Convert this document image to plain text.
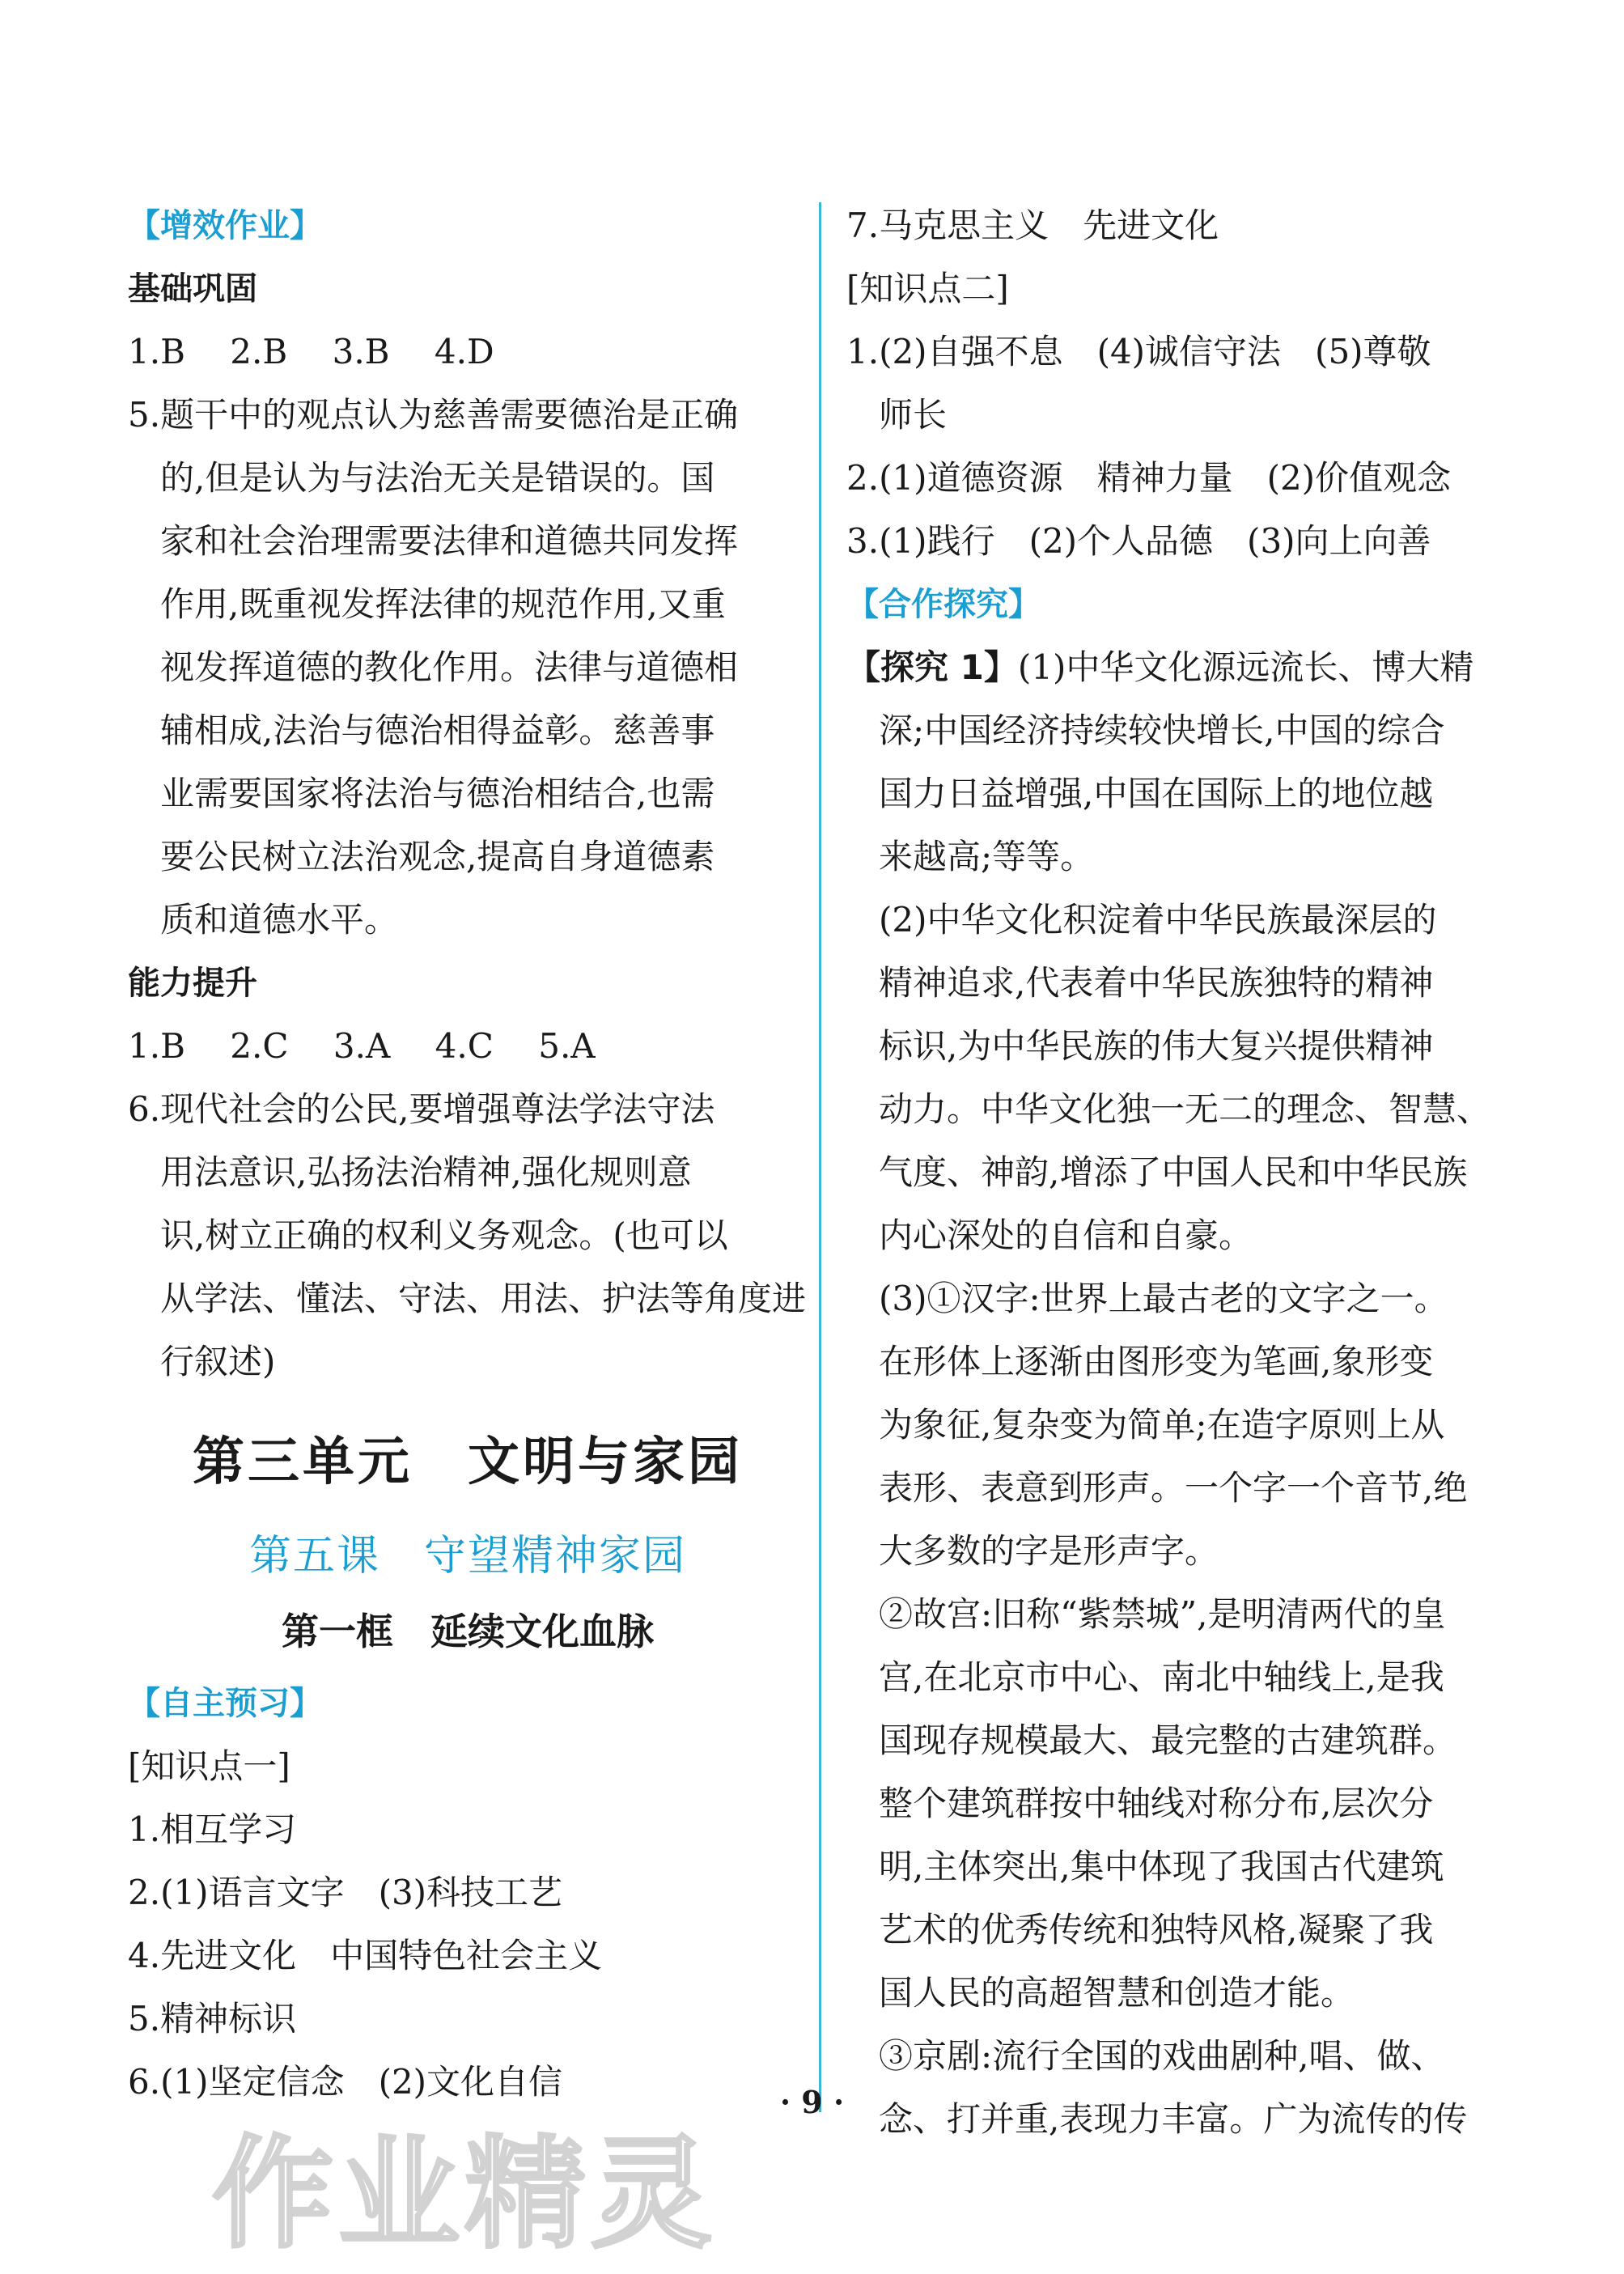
【增效作业】
基础巩固
1.B　 2.B　 3.B　 4.D
5.题干中的观点认为慈善需要德治是正确
的,但是认为与法治无关是错误的。国
家和社会治理需要法律和道德共同发挥
作用,既重视发挥法律的规范作用,又重
视发挥道德的教化作用。法律与道德相
辅相成,法治与德治相得益彰。慈善事
业需要国家将法治与德治相结合,也需
要公民树立法治观念,提高自身道德素
质和道德水平。
能力提升
1.B　 2.C　 3.A　 4.C　 5.A
6.现代社会的公民,要增强尊法学法守法
用法意识,弘扬法治精神,强化规则意
识,树立正确的权利义务观念。(也可以
从学法、懂法、守法、用法、护法等角度进
行叙述)
第三单元　文明与家园
第五课　守望精神家园
第一框　延续文化血脉
【自主预习】
[知识点一]
1.相互学习
2.(1)语言文字　(3)科技工艺
4.先进文化　中国特色社会主义
5.精神标识
6.(1)坚定信念　(2)文化自信
7.马克思主义　先进文化
[知识点二]
1.(2)自强不息　(4)诚信守法　(5)尊敬
师长
2.(1)道德资源　精神力量　(2)价值观念
3.(1)践行　(2)个人品德　(3)向上向善
【合作探究】
【探究 1】(1)中华文化源远流长、博大精
深;中国经济持续较快增长,中国的综合
国力日益增强,中国在国际上的地位越
来越高;等等。
(2)中华文化积淀着中华民族最深层的
精神追求,代表着中华民族独特的精神
标识,为中华民族的伟大复兴提供精神
动力。中华文化独一无二的理念、智慧、
气度、神韵,增添了中国人民和中华民族
内心深处的自信和自豪。
(3)①汉字:世界上最古老的文字之一。
在形体上逐渐由图形变为笔画,象形变
为象征,复杂变为简单;在造字原则上从
表形、表意到形声。一个字一个音节,绝
大多数的字是形声字。
②故宫:旧称“紫禁城”,是明清两代的皇
宫,在北京市中心、南北中轴线上,是我
国现存规模最大、最完整的古建筑群。
整个建筑群按中轴线对称分布,层次分
明,主体突出,集中体现了我国古代建筑
艺术的优秀传统和独特风格,凝聚了我
国人民的高超智慧和创造才能。
③京剧:流行全国的戏曲剧种,唱、做、
念、打并重,表现力丰富。广为流传的传
· 9 ·
作业精灵
